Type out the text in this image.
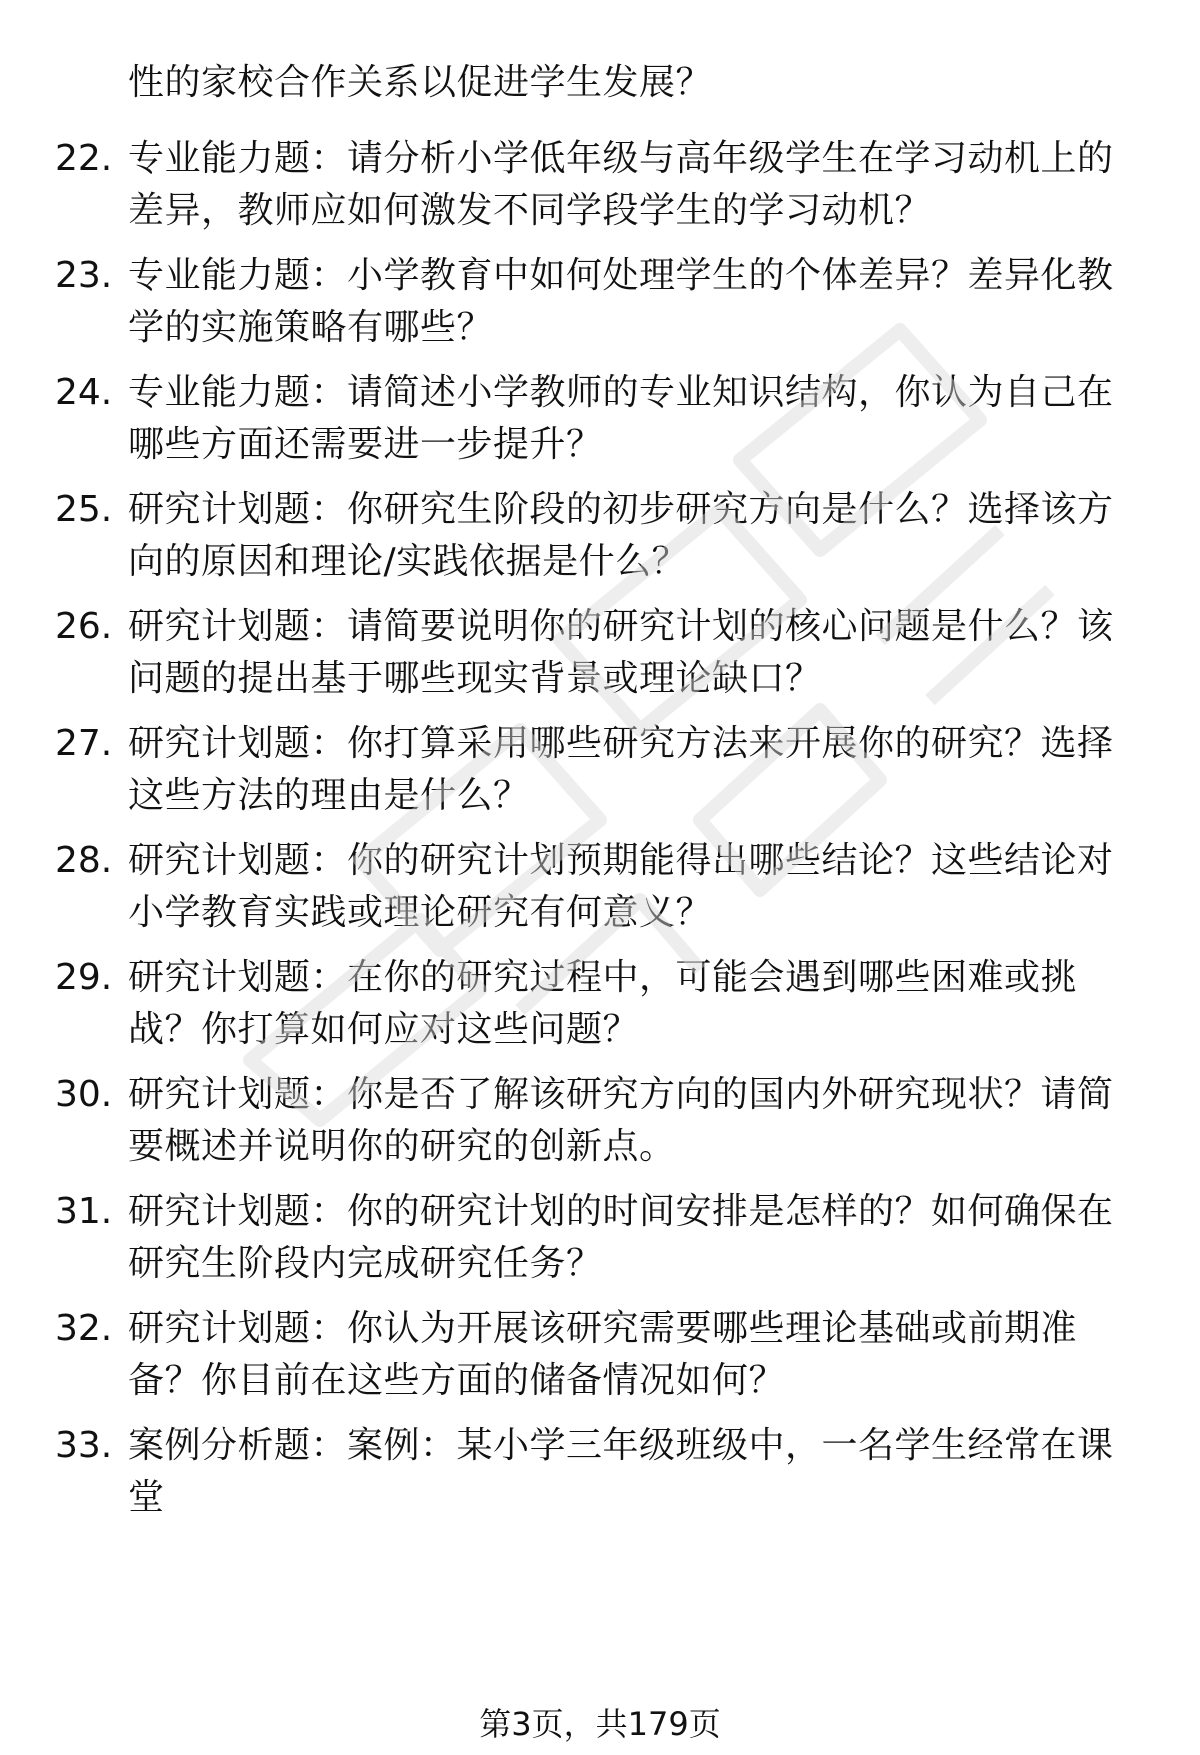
性的家校合作关系以促进学生发展？
22. 专业能力题：请分析小学低年级与高年级学生在学习动机上的差异，教师应如何激发不同学段学生的学习动机？
23. 专业能力题：小学教育中如何处理学生的个体差异？差异化教学的实施策略有哪些？
24. 专业能力题：请简述小学教师的专业知识结构，你认为自己在哪些方面还需要进一步提升？
25. 研究计划题：你研究生阶段的初步研究方向是什么？选择该方向的原因和理论/实践依据是什么？
26. 研究计划题：请简要说明你的研究计划的核心问题是什么？该问题的提出基于哪些现实背景或理论缺口？
27. 研究计划题：你打算采用哪些研究方法来开展你的研究？选择这些方法的理由是什么？
28. 研究计划题：你的研究计划预期能得出哪些结论？这些结论对小学教育实践或理论研究有何意义？
29. 研究计划题：在你的研究过程中，可能会遇到哪些困难或挑战？你打算如何应对这些问题？
30. 研究计划题：你是否了解该研究方向的国内外研究现状？请简要概述并说明你的研究的创新点。
31. 研究计划题：你的研究计划的时间安排是怎样的？如何确保在研究生阶段内完成研究任务？
32. 研究计划题：你认为开展该研究需要哪些理论基础或前期准备？你目前在这些方面的储备情况如何？
33. 案例分析题：案例：某小学三年级班级中，一名学生经常在课堂
第3页，共179页
